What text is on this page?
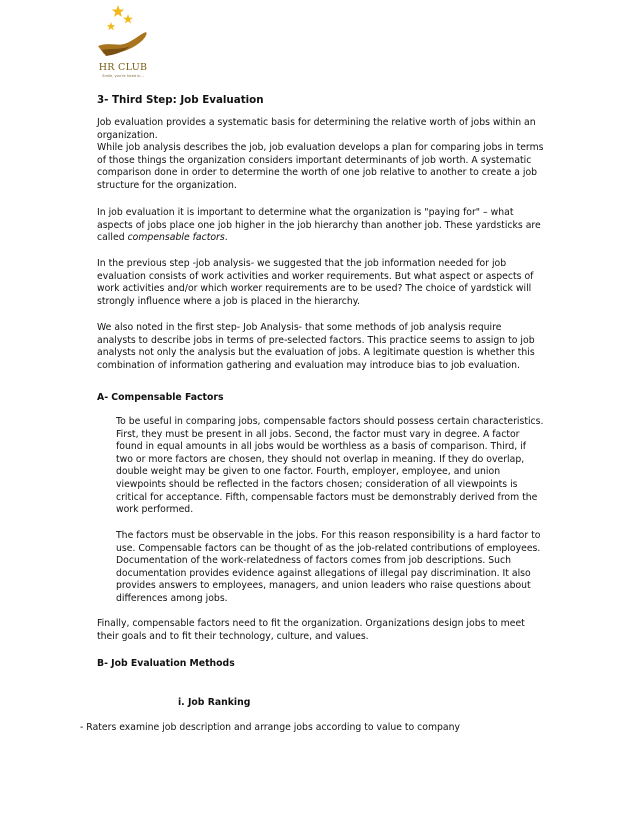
HR CLUB
Smile, you're hired in...
3- Third Step: Job Evaluation
Job evaluation provides a systematic basis for determining the relative worth of jobs within an
organization.
While job analysis describes the job, job evaluation develops a plan for comparing jobs in terms
of those things the organization considers important determinants of job worth. A systematic
comparison done in order to determine the worth of one job relative to another to create a job
structure for the organization.
In job evaluation it is important to determine what the organization is "paying for" – what
aspects of jobs place one job higher in the job hierarchy than another job. These yardsticks are
called compensable factors.
In the previous step -job analysis- we suggested that the job information needed for job
evaluation consists of work activities and worker requirements. But what aspect or aspects of
work activities and/or which worker requirements are to be used? The choice of yardstick will
strongly influence where a job is placed in the hierarchy.
We also noted in the first step- Job Analysis- that some methods of job analysis require
analysts to describe jobs in terms of pre-selected factors. This practice seems to assign to job
analysts not only the analysis but the evaluation of jobs. A legitimate question is whether this
combination of information gathering and evaluation may introduce bias to job evaluation.
A- Compensable Factors
To be useful in comparing jobs, compensable factors should possess certain characteristics.
First, they must be present in all jobs. Second, the factor must vary in degree. A factor
found in equal amounts in all jobs would be worthless as a basis of comparison. Third, if
two or more factors are chosen, they should not overlap in meaning. If they do overlap,
double weight may be given to one factor. Fourth, employer, employee, and union
viewpoints should be reflected in the factors chosen; consideration of all viewpoints is
critical for acceptance. Fifth, compensable factors must be demonstrably derived from the
work performed.
The factors must be observable in the jobs. For this reason responsibility is a hard factor to
use. Compensable factors can be thought of as the job-related contributions of employees.
Documentation of the work-relatedness of factors comes from job descriptions. Such
documentation provides evidence against allegations of illegal pay discrimination. It also
provides answers to employees, managers, and union leaders who raise questions about
differences among jobs.
Finally, compensable factors need to fit the organization. Organizations design jobs to meet
their goals and to fit their technology, culture, and values.
B- Job Evaluation Methods
i. Job Ranking
- Raters examine job description and arrange jobs according to value to company
